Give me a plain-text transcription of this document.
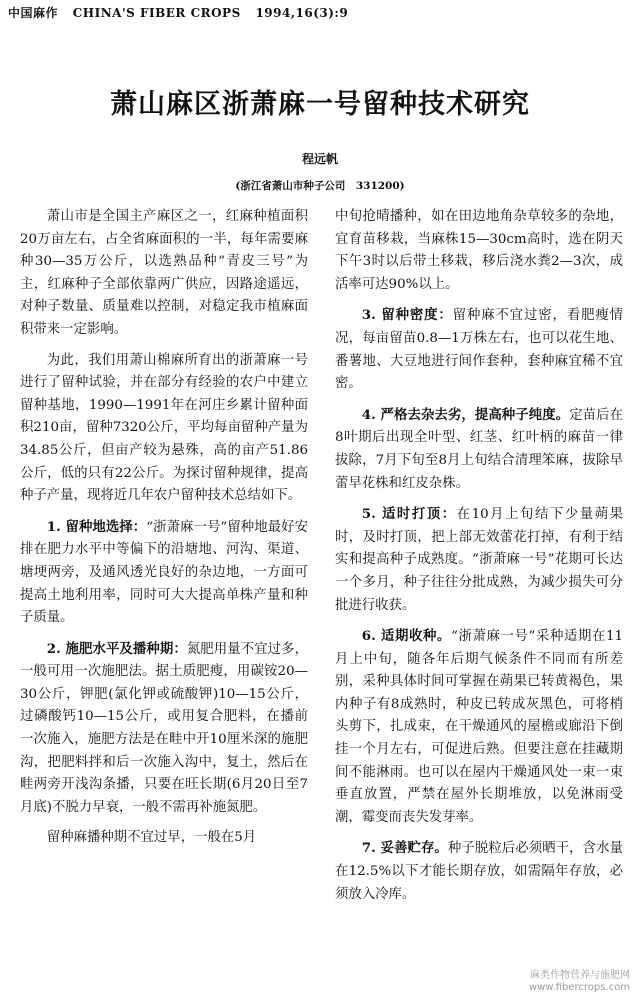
中国麻作 CHINA'S FIBER CROPS 1994,16(3):9
萧山麻区浙萧麻一号留种技术研究
程远帆
(浙江省萧山市种子公司　331200)

萧山市是全国主产麻区之一，红麻种植面积20万亩左右，占全省麻面积的一半，每年需要麻种30—35万公斤，以选熟品种“青皮三号”为主，红麻种子全部依靠两广供应，因路途遥远，对种子数量、质量难以控制，对稳定我市植麻面积带来一定影响。

为此，我们用萧山棉麻所育出的浙萧麻一号进行了留种试验，并在部分有经验的农户中建立留种基地，1990—1991年在河庄乡累计留种面积210亩，留种7320公斤，平均每亩留种产量为34.85公斤，但亩产较为悬殊，高的亩产51.86公斤，低的只有22公斤。为探讨留种规律，提高种子产量，现将近几年农户留种技术总结如下。

1. 留种地选择：“浙萧麻一号”留种地最好安排在肥力水平中等偏下的沿塘地、河沟、渠道、塘埂两旁，及通风透光良好的杂边地，一方面可提高土地利用率，同时可大大提高单株产量和种子质量。

2. 施肥水平及播种期：氮肥用量不宜过多，一般可用一次施肥法。据土质肥瘦，用碳铵20—30公斤，钾肥(氯化钾或硫酸钾)10—15公斤，过磷酸钙10—15公斤，或用复合肥料，在播前一次施入，施肥方法是在畦中开10厘米深的施肥沟，把肥料拌和后一次施入沟中，复土，然后在畦两旁开浅沟条播，只要在旺长期(6月20日至7月底)不脱力早衰，一般不需再补施氮肥。

留种麻播种期不宜过早，一般在5月

中旬抢晴播种，如在田边地角杂草较多的杂地，宜育苗移栽，当麻株15—30cm高时，选在阴天下午3时以后带土移栽，移后浇水粪2—3次，成活率可达90%以上。

3. 留种密度：留种麻不宜过密，看肥瘦情况，每亩留苗0.8—1万株左右，也可以花生地、番薯地、大豆地进行间作套种，套种麻宜稀不宜密。

4. 严格去杂去劣，提高种子纯度。定苗后在8叶期后出现全叶型、红茎、红叶柄的麻苗一律拔除，7月下旬至8月上旬结合清理笨麻，拔除早蕾早花株和红皮杂株。

5. 适时打顶：在10月上旬结下少量蒴果时，及时打顶，把上部无效蕾花打掉，有利于结实和提高种子成熟度。“浙萧麻一号”花期可长达一个多月，种子往往分批成熟，为减少损失可分批进行收获。

6. 适期收种。“浙萧麻一号”采种适期在11月上中旬，随各年后期气候条件不同而有所差别，采种具体时间可掌握在蒴果已转黄褐色，果内种子有8成熟时，种皮已转成灰黑色，可将梢头剪下，扎成束，在干燥通风的屋檐或廊沿下倒挂一个月左右，可促进后熟。但要注意在挂藏期间不能淋雨。也可以在屋内干燥通风处一束一束垂直放置，严禁在屋外长期堆放，以免淋雨受潮，霉变而丧失发芽率。

7. 妥善贮存。种子脱粒后必须晒干，含水量在12.5%以下才能长期存放，如需隔年存放，必须放入冷库。

麻类作物营养与施肥网
www.fibercrops.com
